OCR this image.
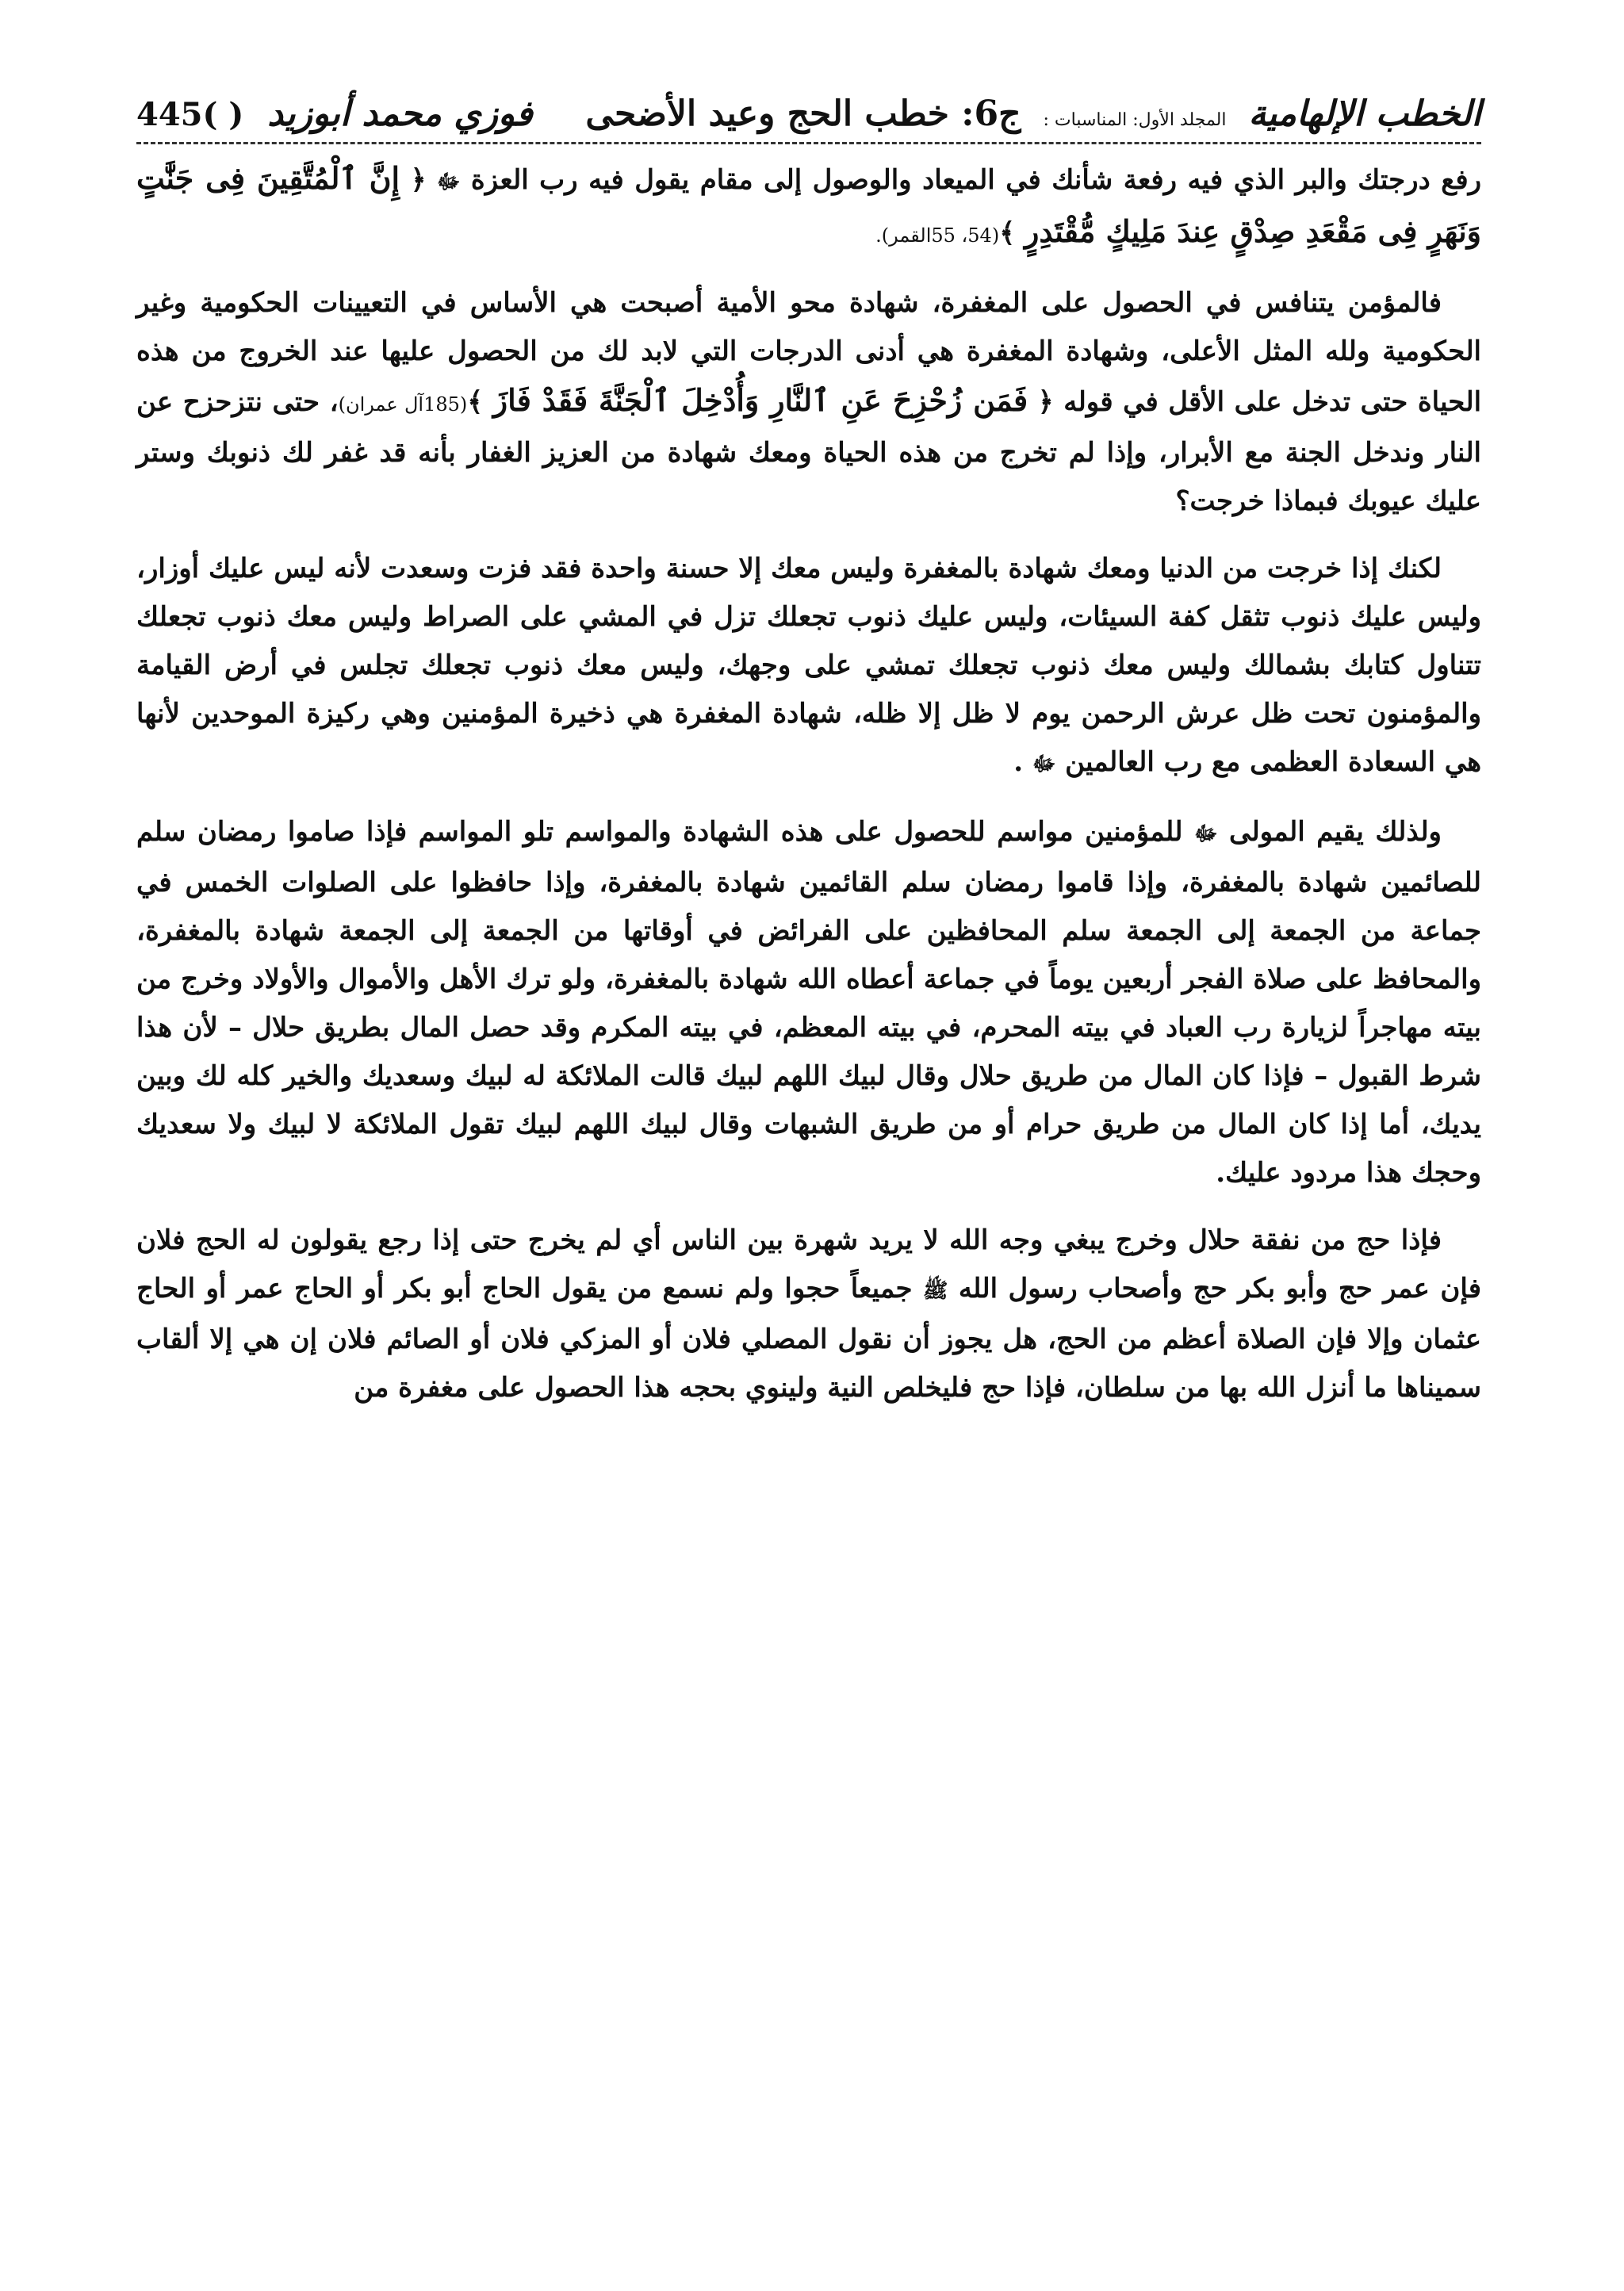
الخطب الإلهامية
المجلد الأول: المناسبات :
ج6: خطب الحج وعيد الأضحى
فوزي محمد أبوزيد
445( )

رفع درجتك والبر الذي فيه رفعة شأنك في الميعاد والوصول إلى مقام يقول فيه رب العزة ﷻ ﴿ إِنَّ ٱلْمُتَّقِينَ فِى جَنَّٰتٍ وَنَهَرٍ فِى مَقْعَدِ صِدْقٍ عِندَ مَلِيكٍ مُّقْتَدِرٍ ﴾(54، 55القمر).

فالمؤمن يتنافس في الحصول على المغفرة، شهادة محو الأمية أصبحت هي الأساس في التعيينات الحكومية وغير الحكومية ولله المثل الأعلى، وشهادة المغفرة هي أدنى الدرجات التي لابد لك من الحصول عليها عند الخروج من هذه الحياة حتى تدخل على الأقل في قوله ﴿ فَمَن زُحْزِحَ عَنِ ٱلنَّارِ وَأُدْخِلَ ٱلْجَنَّةَ فَقَدْ فَازَ ﴾(185آل عمران)، حتى نتزحزح عن النار وندخل الجنة مع الأبرار، وإذا لم تخرج من هذه الحياة ومعك شهادة من العزيز الغفار بأنه قد غفر لك ذنوبك وستر عليك عيوبك فبماذا خرجت؟

لكنك إذا خرجت من الدنيا ومعك شهادة بالمغفرة وليس معك إلا حسنة واحدة فقد فزت وسعدت لأنه ليس عليك أوزار، وليس عليك ذنوب تثقل كفة السيئات، وليس عليك ذنوب تجعلك تزل في المشي على الصراط وليس معك ذنوب تجعلك تتناول كتابك بشمالك وليس معك ذنوب تجعلك تمشي على وجهك، وليس معك ذنوب تجعلك تجلس في أرض القيامة والمؤمنون تحت ظل عرش الرحمن يوم لا ظل إلا ظله، شهادة المغفرة هي ذخيرة المؤمنين وهي ركيزة الموحدين لأنها هي السعادة العظمى مع رب العالمين ﷻ .

ولذلك يقيم المولى ﷻ للمؤمنين مواسم للحصول على هذه الشهادة والمواسم تلو المواسم فإذا صاموا رمضان سلم للصائمين شهادة بالمغفرة، وإذا قاموا رمضان سلم القائمين شهادة بالمغفرة، وإذا حافظوا على الصلوات الخمس في جماعة من الجمعة إلى الجمعة سلم المحافظين على الفرائض في أوقاتها من الجمعة إلى الجمعة شهادة بالمغفرة، والمحافظ على صلاة الفجر أربعين يوماً في جماعة أعطاه الله شهادة بالمغفرة، ولو ترك الأهل والأموال والأولاد وخرج من بيته مهاجراً لزيارة رب العباد في بيته المحرم، في بيته المعظم، في بيته المكرم وقد حصل المال بطريق حلال – لأن هذا شرط القبول – فإذا كان المال من طريق حلال وقال لبيك اللهم لبيك قالت الملائكة له لبيك وسعديك والخير كله لك وبين يديك، أما إذا كان المال من طريق حرام أو من طريق الشبهات وقال لبيك اللهم لبيك تقول الملائكة لا لبيك ولا سعديك وحجك هذا مردود عليك.

فإذا حج من نفقة حلال وخرج يبغي وجه الله لا يريد شهرة بين الناس أي لم يخرج حتى إذا رجع يقولون له الحج فلان فإن عمر حج وأبو بكر حج وأصحاب رسول الله ﷺ جميعاً حجوا ولم نسمع من يقول الحاج أبو بكر أو الحاج عمر أو الحاج عثمان وإلا فإن الصلاة أعظم من الحج، هل يجوز أن نقول المصلي فلان أو المزكي فلان أو الصائم فلان إن هي إلا ألقاب سميناها ما أنزل الله بها من سلطان، فإذا حج فليخلص النية ولينوي بحجه هذا الحصول على مغفرة من
